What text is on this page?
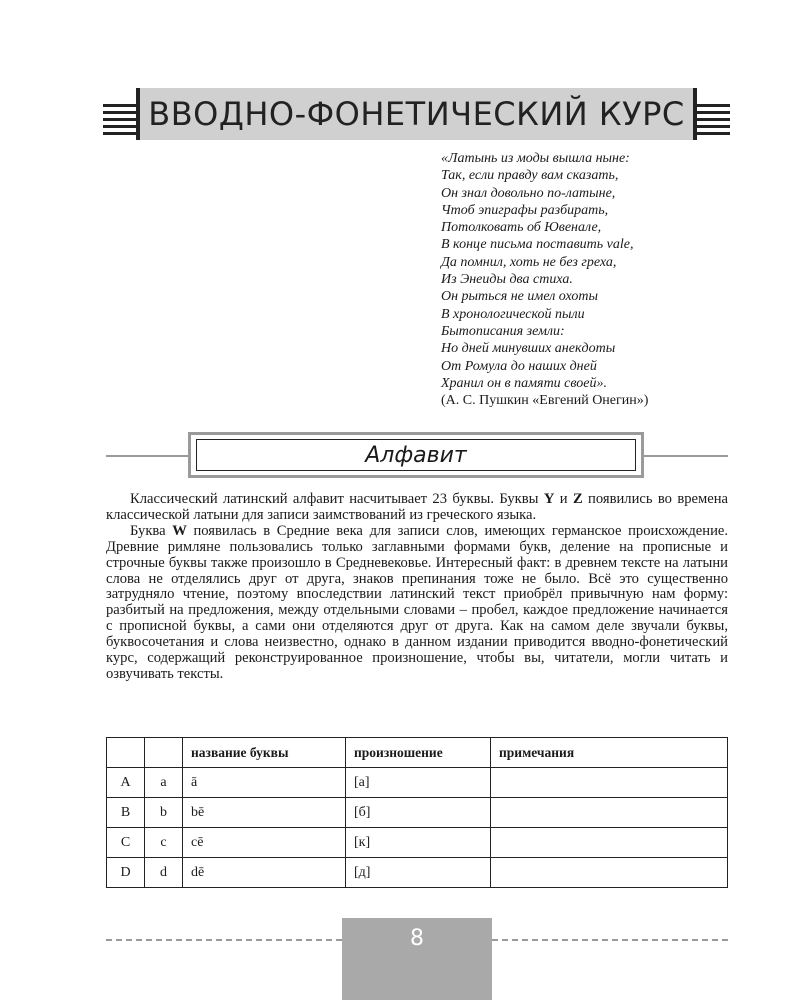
ВВОДНО-ФОНЕТИЧЕСКИЙ КУРС
«Латынь из моды вышла ныне:
Так, если правду вам сказать,
Он знал довольно по-латыне,
Чтоб эпиграфы разбирать,
Потолковать об Ювенале,
В конце письма поставить vale,
Да помнил, хоть не без греха,
Из Энеиды два стиха.
Он рыться не имел охоты
В хронологической пыли
Бытописания земли:
Но дней минувших анекдоты
От Ромула до наших дней
Хранил он в памяти своей».
(А. С. Пушкин «Евгений Онегин»)
Алфавит

Классический латинский алфавит насчитывает 23 буквы. Буквы Y и Z появились во времена классической латыни для записи заимствований из греческого языка.

Буква W появилась в Средние века для записи слов, имеющих германское происхождение. Древние римляне пользовались только заглавными формами букв, деление на прописные и строчные буквы также произошло в Средневековье. Интересный факт: в древнем тексте на латыни слова не отделялись друг от друга, знаков препинания тоже не было. Всё это существенно затрудняло чтение, поэтому впоследствии латинский текст приобрёл привычную нам форму: разбитый на предложения, между отдельными словами – пробел, каждое предложение начинается с прописной буквы, а сами они отделяются друг от друга. Как на самом деле звучали буквы, буквосочетания и слова неизвестно, однако в данном издании приводится вводно-фонетический курс, содержащий реконструированное произношение, чтобы вы, читатели, могли читать и озвучивать тексты.

		название буквы	произношение	примечания
A	a	ā	[а]	
B	b	bē	[б]	
C	c	cē	[к]	
D	d	dē	[д]	
8
